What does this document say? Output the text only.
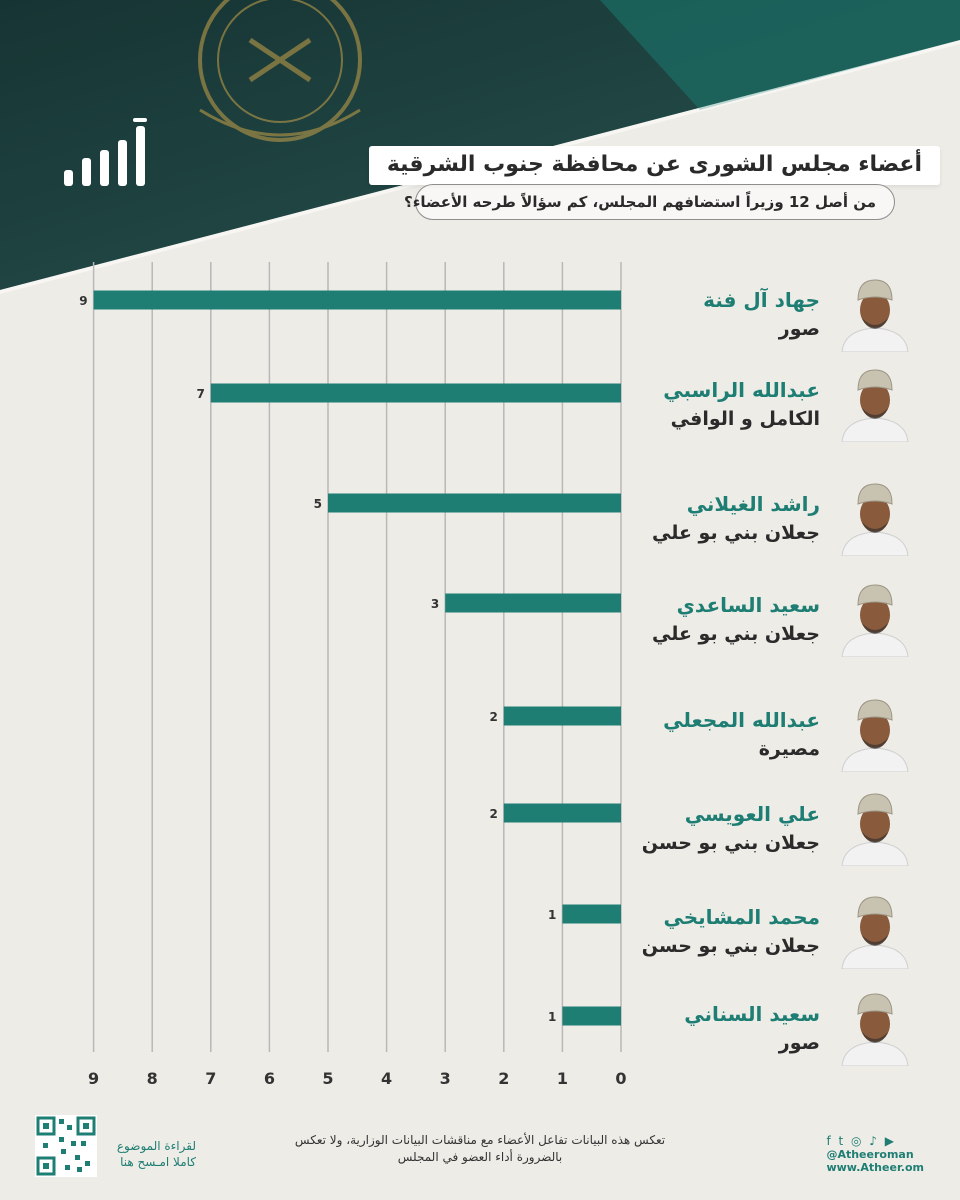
أعضاء مجلس الشورى عن محافظة جنوب الشرقية
من أصل 12 وزيراً استضافهم المجلس، كم سؤالاً طرحه الأعضاء؟
0
1
2
3
4
5
6
7
8
9
9
7
5
3
2
2
1
1
جهاد آل فنة
صور
عبدالله الراسبي
الكامل و الوافي
راشد الغيلاني
جعلان بني بو علي
سعيد الساعدي
جعلان بني بو علي
عبدالله المجعلي
مصيرة
علي العويسي
جعلان بني بو حسن
محمد المشايخي
جعلان بني بو حسن
سعيد السناني
صور
تعكس هذه البيانات تفاعل الأعضاء مع مناقشات البيانات الوزارية، ولا تعكس بالضرورة أداء العضو في المجلس
لقراءة الموضوع
كاملا امـسح هنا
f t ◎ ♪ ▶
@Atheeroman
www.Atheer.om
